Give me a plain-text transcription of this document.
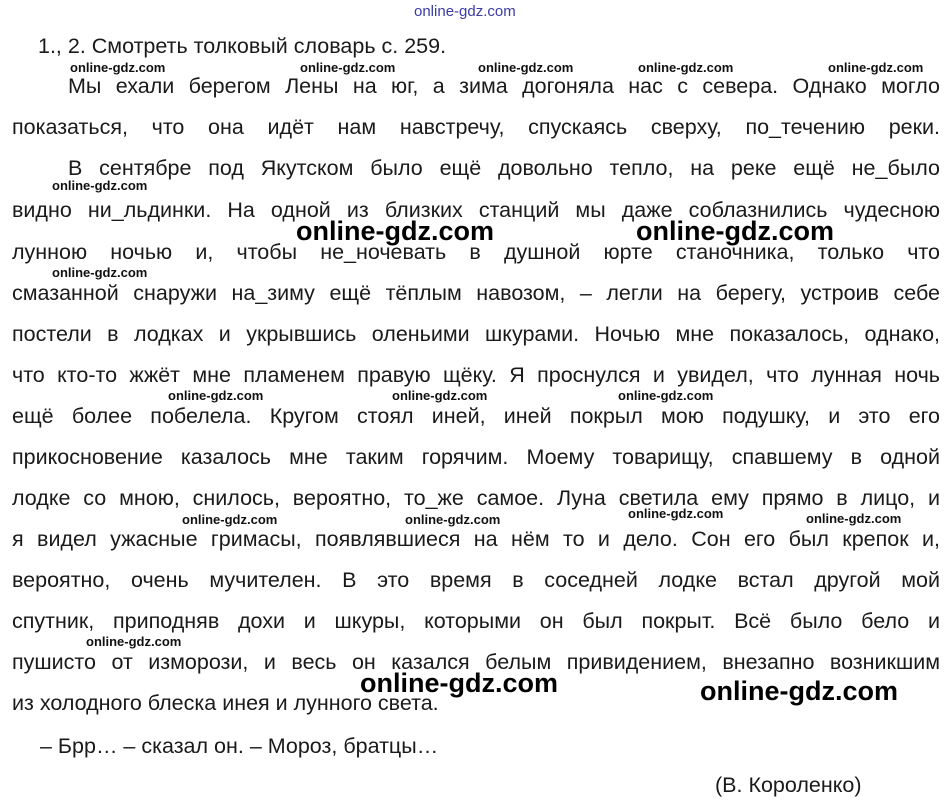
online-gdz.com
1., 2. Смотреть толковый словарь с. 259.
Мы ехали берегом Лены на юг, а зима догоняла нас с севера. Однако могло
показаться, что она идёт нам навстречу, спускаясь сверху, по_течению реки.
В сентябре под Якутском было ещё довольно тепло, на реке ещё не_было
видно ни_льдинки. На одной из близких станций мы даже соблазнились чудесною
лунною ночью и, чтобы не_ночевать в душной юрте станочника, только что
смазанной снаружи на_зиму ещё тёплым навозом, – легли на берегу, устроив себе
постели в лодках и укрывшись оленьими шкурами. Ночью мне показалось, однако,
что кто-то жжёт мне пламенем правую щёку. Я проснулся и увидел, что лунная ночь
ещё более побелела. Кругом стоял иней, иней покрыл мою подушку, и это его
прикосновение казалось мне таким горячим. Моему товарищу, спавшему в одной
лодке со мною, снилось, вероятно, то_же самое. Луна светила ему прямо в лицо, и
я видел ужасные гримасы, появлявшиеся на нём то и дело. Сон его был крепок и,
вероятно, очень мучителен. В это время в соседней лодке встал другой мой
спутник, приподняв дохи и шкуры, которыми он был покрыт. Всё было бело и
пушисто от изморози, и весь он казался белым привидением, внезапно возникшим
из холодного блеска инея и лунного света.
– Брр… – сказал он. – Мороз, братцы…
(В. Короленко)
online-gdz.com	online-gdz.com	online-gdz.com	online-gdz.com	online-gdz.com
online-gdz.com
online-gdz.com
online-gdz.com	online-gdz.com	online-gdz.com
online-gdz.com	online-gdz.com	online-gdz.com	online-gdz.com
online-gdz.com
online-gdz.com	online-gdz.com
online-gdz.com	online-gdz.com
